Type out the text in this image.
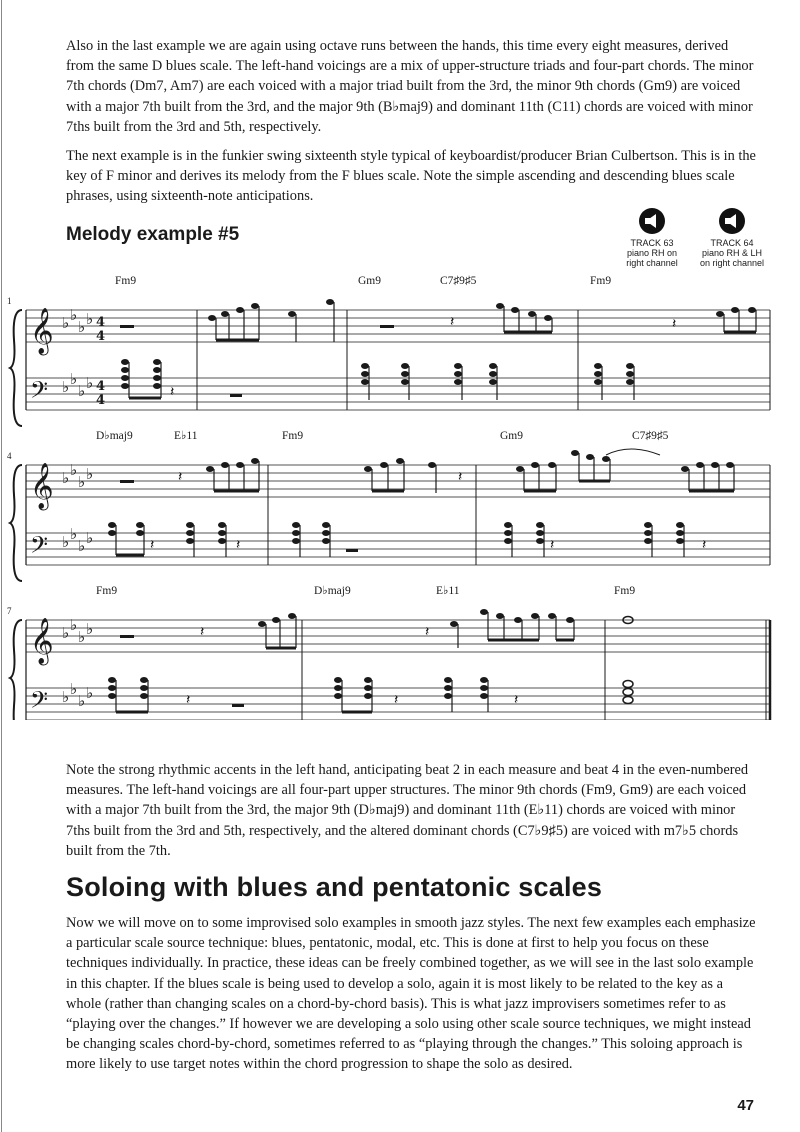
Also in the last example we are again using octave runs between the hands, this time every eight measures, derived from the same D blues scale. The left-hand voicings are a mix of upper-structure triads and four-part chords. The minor 7th chords (Dm7, Am7) are each voiced with a major triad built from the 3rd, the minor 9th chords (Gm9) are voiced with a major 7th built from the 3rd, and the major 9th (B♭maj9) and dominant 11th (C11) chords are voiced with minor 7ths built from the 3rd and 5th, respectively.

The next example is in the funkier swing sixteenth style typical of keyboardist/producer Brian Culbertson. This is in the key of F minor and derives its melody from the F blues scale. Note the simple ascending and descending blues scale phrases, using sixteenth-note anticipations.

Melody example #5	TRACK 63
piano RH on
right channel
TRACK 64
piano RH & LH
on right channel
1
𝄞
𝄢
♭ ♭
♭ ♭
♭ ♭
♭ ♭
4
4
4
4
𝄽
𝄽	𝄽
Fm9	Gm9	C7♯9♯5	Fm9
4
𝄞
𝄢
♭ ♭
♭ ♭
♭ ♭
♭ ♭
𝄽	𝄽
𝄽	𝄽	𝄽	𝄽
D♭maj9	E♭11	Fm9	Gm9	C7♯9♯5
7
𝄞
𝄢
♭ ♭
♭ ♭
♭ ♭
♭ ♭	𝄽	𝄽	𝄽
𝄽	𝄽
Fm9	D♭maj9	E♭11	Fm9

Note the strong rhythmic accents in the left hand, anticipating beat 2 in each measure and beat 4 in the even-numbered measures. The left-hand voicings are all four-part upper structures. The minor 9th chords (Fm9, Gm9) are each voiced with a major 7th built from the 3rd, the major 9th (D♭maj9) and dominant 11th (E♭11) chords are voiced with minor 7ths built from the 3rd and 5th, respectively, and the altered dominant chords (C7♭9♯5) are voiced with m7♭5 chords built from the 7th.

Soloing with blues and pentatonic scales

Now we will move on to some improvised solo examples in smooth jazz styles. The next few examples each emphasize a particular scale source technique: blues, pentatonic, modal, etc. This is done at first to help you focus on these techniques individually. In practice, these ideas can be freely combined together, as we will see in the last solo example in this chapter. If the blues scale is being used to develop a solo, again it is most likely to be related to the key as a whole (rather than changing scales on a chord-by-chord basis). This is what jazz improvisers sometimes refer to as “playing over the changes.” If however we are developing a solo using other scale source techniques, we might instead be changing scales chord-by-chord, sometimes referred to as “playing through the changes.” This soloing approach is more likely to use target notes within the chord progression to shape the solo as desired.

47
